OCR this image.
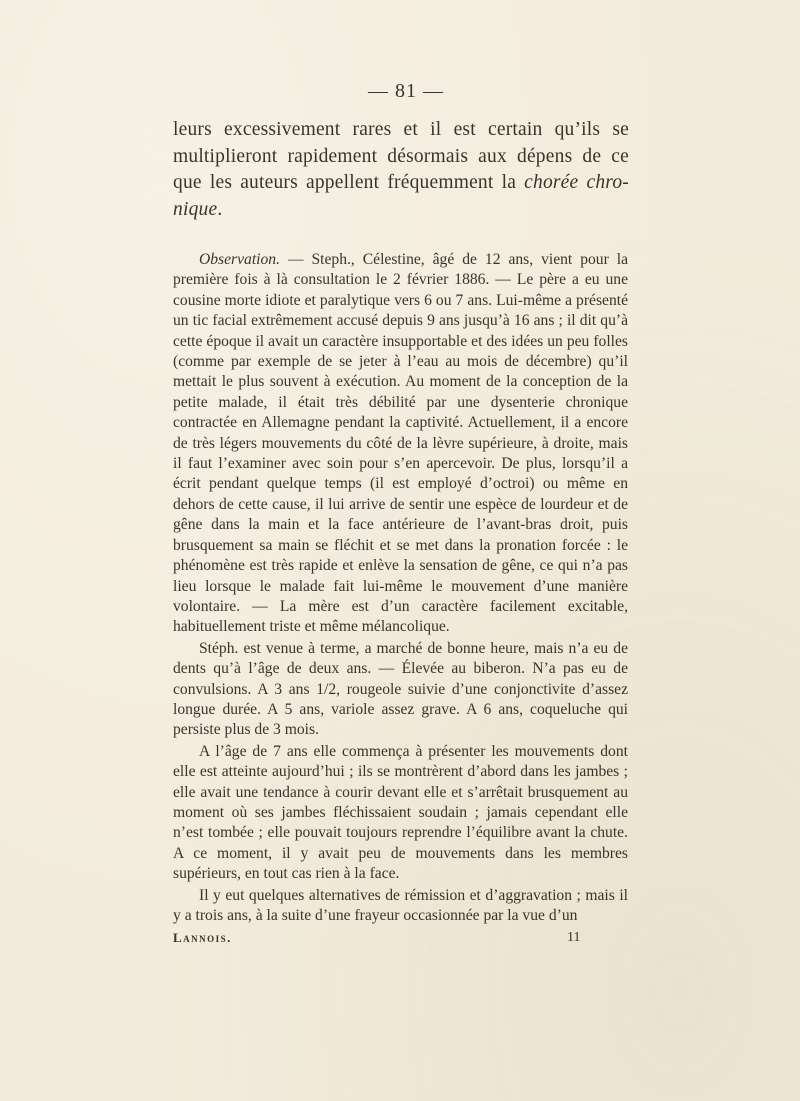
— 81 —

leurs excessivement rares et il est certain qu’ils se multiplieront rapidement désormais aux dépens de ce que les auteurs appellent fréquemment la chorée chro-nique.

Observation. — Steph., Célestine, âgé de 12 ans, vient pour la première fois à là consultation le 2 février 1886. — Le père a eu une cousine morte idiote et paralytique vers 6 ou 7 ans. Lui-même a présenté un tic facial extrêmement accusé depuis 9 ans jusqu’à 16 ans ; il dit qu’à cette époque il avait un caractère insupportable et des idées un peu folles (comme par exemple de se jeter à l’eau au mois de décembre) qu’il mettait le plus souvent à exécution. Au moment de la conception de la petite malade, il était très débilité par une dysenterie chronique contractée en Allemagne pendant la captivité. Actuellement, il a encore de très légers mouvements du côté de la lèvre supérieure, à droite, mais il faut l’examiner avec soin pour s’en apercevoir. De plus, lorsqu’il a écrit pendant quelque temps (il est employé d’octroi) ou même en dehors de cette cause, il lui arrive de sentir une espèce de lourdeur et de gêne dans la main et la face antérieure de l’avant-bras droit, puis brusquement sa main se fléchit et se met dans la pronation forcée : le phénomène est très rapide et enlève la sensation de gêne, ce qui n’a pas lieu lorsque le malade fait lui-même le mouvement d’une manière volontaire. — La mère est d’un caractère facilement excitable, habituellement triste et même mélancolique.

Stéph. est venue à terme, a marché de bonne heure, mais n’a eu de dents qu’à l’âge de deux ans. — Élevée au biberon. N’a pas eu de convulsions. A 3 ans 1/2, rougeole suivie d’une conjonctivite d’assez longue durée. A 5 ans, variole assez grave. A 6 ans, coqueluche qui persiste plus de 3 mois.

A l’âge de 7 ans elle commença à présenter les mouvements dont elle est atteinte aujourd’hui ; ils se montrèrent d’abord dans les jambes ; elle avait une tendance à courir devant elle et s’arrêtait brusquement au moment où ses jambes fléchissaient soudain ; jamais cependant elle n’est tombée ; elle pouvait toujours reprendre l’équilibre avant la chute. A ce moment, il y avait peu de mouvements dans les membres supérieurs, en tout cas rien à la face.

Il y eut quelques alternatives de rémission et d’aggravation ; mais il y a trois ans, à la suite d’une frayeur occasionnée par la vue d’un

Lannois.	11
